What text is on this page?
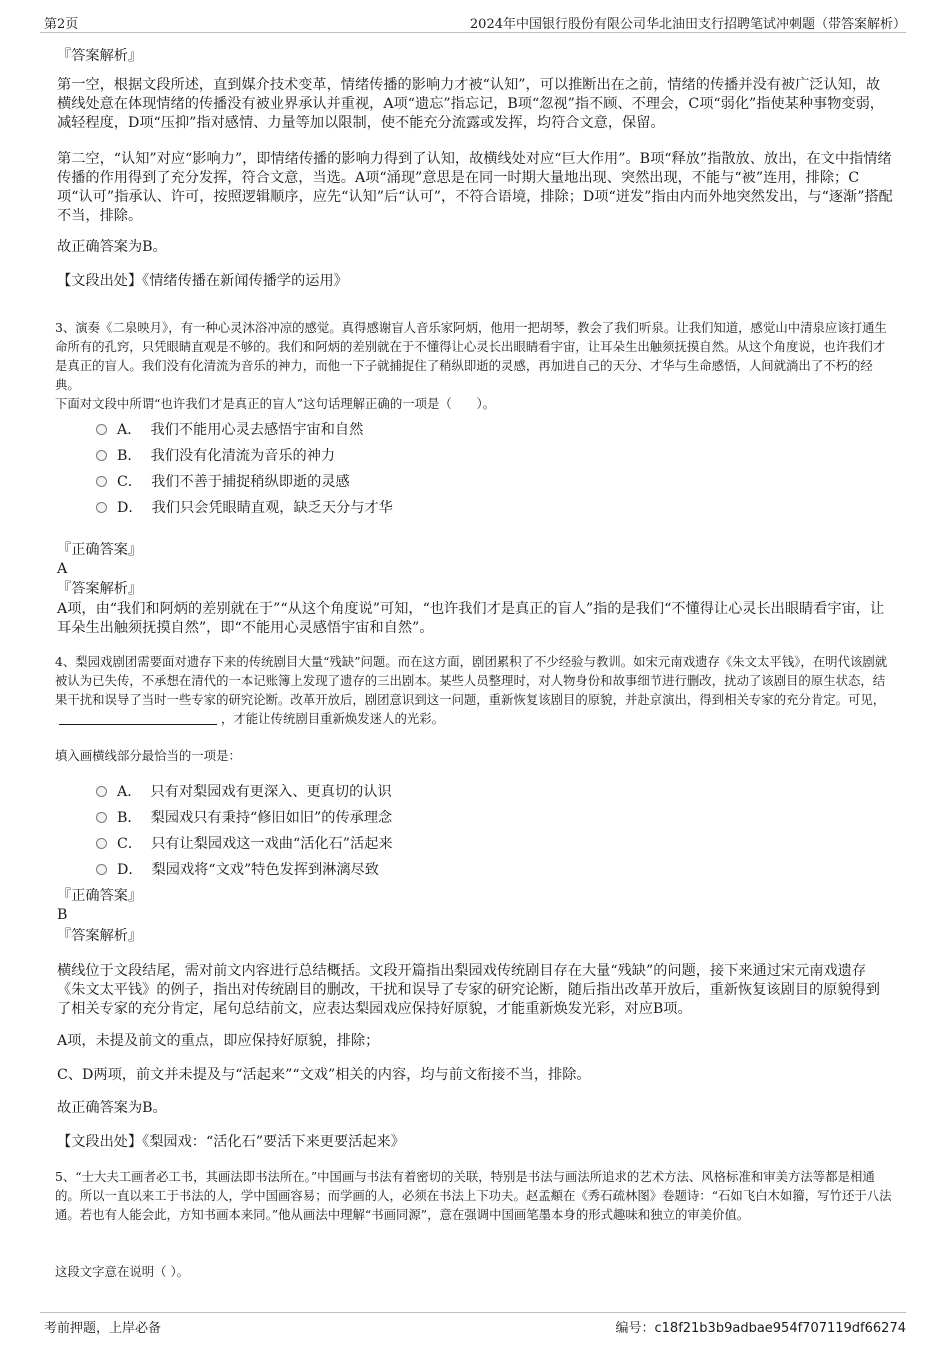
第2页	2024年中国银行股份有限公司华北油田支行招聘笔试冲刺题（带答案解析）

『答案解析』

第一空，根据文段所述，直到媒介技术变革，情绪传播的影响力才被“认知”，可以推断出在之前，情绪的传播并没有被广泛认知，故横线处意在体现情绪的传播没有被业界承认并重视，A项“遗忘”指忘记，B项“忽视”指不顾、不理会，C项“弱化”指使某种事物变弱，减轻程度，D项“压抑”指对感情、力量等加以限制，使不能充分流露或发挥，均符合文意，保留。

第二空，“认知”对应“影响力”，即情绪传播的影响力得到了认知，故横线处对应“巨大作用”。B项“释放”指散放、放出，在文中指情绪传播的作用得到了充分发挥，符合文意，当选。A项“涌现”意思是在同一时期大量地出现、突然出现，不能与“被”连用，排除；C项“认可”指承认、许可，按照逻辑顺序，应先“认知”后“认可”，不符合语境，排除；D项“迸发”指由内而外地突然发出，与“逐渐”搭配不当，排除。

故正确答案为B。

【文段出处】《情绪传播在新闻传播学的运用》

3、演奏《二泉映月》，有一种心灵沐浴冲凉的感觉。真得感谢盲人音乐家阿炳，他用一把胡琴，教会了我们听泉。让我们知道，感觉山中清泉应该打通生命所有的孔窍，只凭眼睛直观是不够的。我们和阿炳的差别就在于不懂得让心灵长出眼睛看宇宙，让耳朵生出触须抚摸自然。从这个角度说，也许我们才是真正的盲人。我们没有化清流为音乐的神力，而他一下子就捕捉住了稍纵即逝的灵感，再加进自己的天分、才华与生命感悟，人间就淌出了不朽的经典。

下面对文段中所谓“也许我们才是真正的盲人”这句话理解正确的一项是（　　）。

A． 我们不能用心灵去感悟宇宙和自然
B． 我们没有化清流为音乐的神力
C． 我们不善于捕捉稍纵即逝的灵感
D． 我们只会凭眼睛直观，缺乏天分与才华

『正确答案』

A

『答案解析』

A项，由“我们和阿炳的差别就在于”“从这个角度说”可知，“也许我们才是真正的盲人”指的是我们“不懂得让心灵长出眼睛看宇宙，让耳朵生出触须抚摸自然”，即“不能用心灵感悟宇宙和自然”。

4、梨园戏剧团需要面对遗存下来的传统剧目大量“残缺”问题。而在这方面，剧团累积了不少经验与教训。如宋元南戏遗存《朱文太平钱》，在明代该剧就被认为已失传，不承想在清代的一本记账簿上发现了遗存的三出剧本。某些人员整理时，对人物身份和故事细节进行删改，扰动了该剧目的原生状态，结果干扰和误导了当时一些专家的研究论断。改革开放后，剧团意识到这一问题，重新恢复该剧目的原貌，并赴京演出，得到相关专家的充分肯定。可见，，才能让传统剧目重新焕发迷人的光彩。

填入画横线部分最恰当的一项是：

A． 只有对梨园戏有更深入、更真切的认识
B． 梨园戏只有秉持“修旧如旧”的传承理念
C． 只有让梨园戏这一戏曲“活化石”活起来
D． 梨园戏将“文戏”特色发挥到淋漓尽致

『正确答案』

B

『答案解析』

横线位于文段结尾，需对前文内容进行总结概括。文段开篇指出梨园戏传统剧目存在大量“残缺”的问题，接下来通过宋元南戏遗存《朱文太平钱》的例子，指出对传统剧目的删改，干扰和误导了专家的研究论断，随后指出改革开放后，重新恢复该剧目的原貌得到了相关专家的充分肯定，尾句总结前文，应表达梨园戏应保持好原貌，才能重新焕发光彩，对应B项。

A项，未提及前文的重点，即应保持好原貌，排除；

C、D两项，前文并未提及与“活起来”“文戏”相关的内容，均与前文衔接不当，排除。

故正确答案为B。

【文段出处】《梨园戏：“活化石”要活下来更要活起来》

5、“士大夫工画者必工书，其画法即书法所在。”中国画与书法有着密切的关联，特别是书法与画法所追求的艺术方法、风格标准和审美方法等都是相通的。所以一直以来工于书法的人，学中国画容易；而学画的人，必须在书法上下功夫。赵孟頫在《秀石疏林图》卷题诗：“石如飞白木如籀，写竹还于八法通。若也有人能会此，方知书画本来同。”他从画法中理解“书画同源”，意在强调中国画笔墨本身的形式趣味和独立的审美价值。

这段文字意在说明（ ）。

考前押题，上岸必备	编号：c18f21b3b9adbae954f707119df66274
